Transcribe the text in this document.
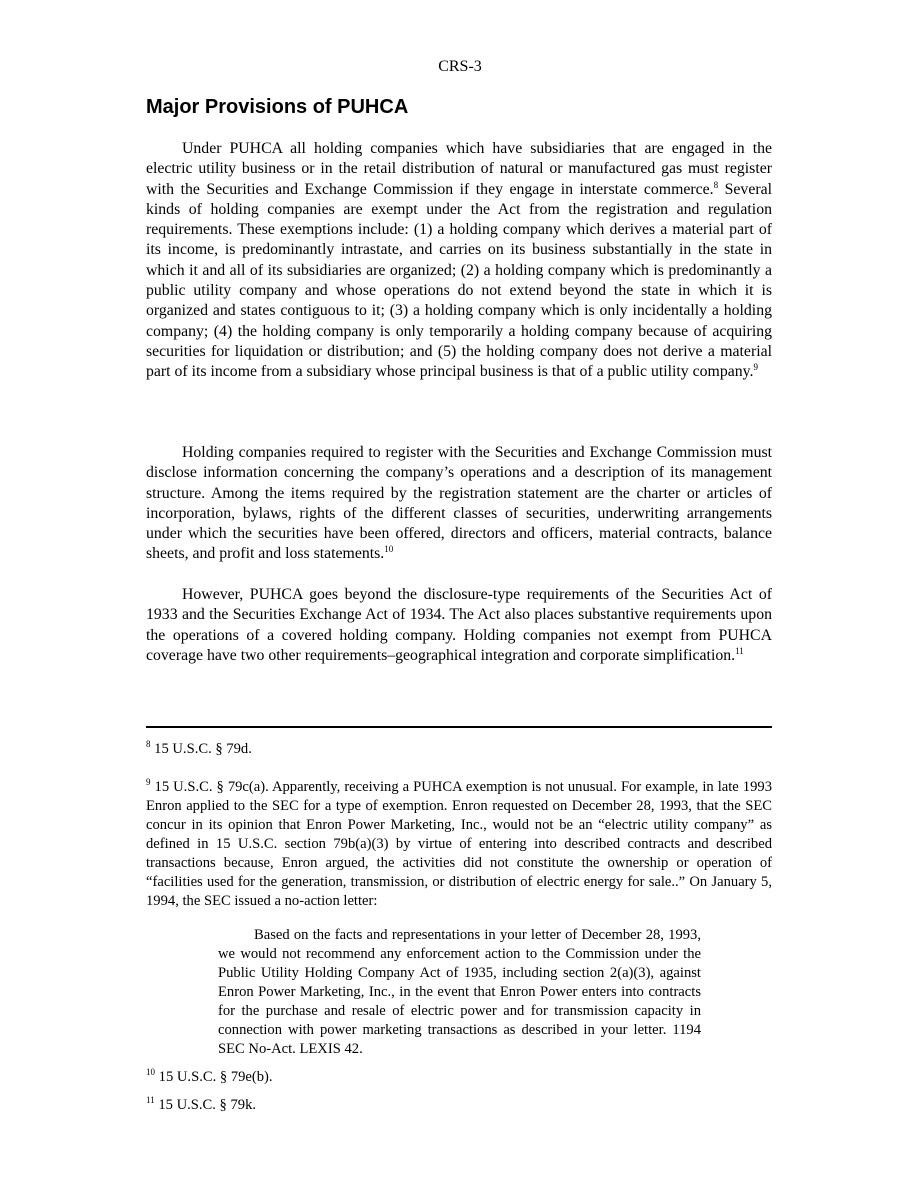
CRS-3
Major Provisions of PUHCA

Under PUHCA all holding companies which have subsidiaries that are engaged in the electric utility business or in the retail distribution of natural or manufactured gas must register with the Securities and Exchange Commission if they engage in interstate commerce.$^8$ Several kinds of holding companies are exempt under the Act from the registration and regulation requirements. These exemptions include: (1) a holding company which derives a material part of its income, is predominantly intrastate, and carries on its business substantially in the state in which it and all of its subsidiaries are organized; (2) a holding company which is predominantly a public utility company and whose operations do not extend beyond the state in which it is organized and states contiguous to it; (3) a holding company which is only incidentally a holding company; (4) the holding company is only temporarily a holding company because of acquiring securities for liquidation or distribution; and (5) the holding company does not derive a material part of its income from a subsidiary whose principal business is that of a public utility company.$^9$

Holding companies required to register with the Securities and Exchange Commission must disclose information concerning the company’s operations and a description of its management structure. Among the items required by the registration statement are the charter or articles of incorporation, bylaws, rights of the different classes of securities, underwriting arrangements under which the securities have been offered, directors and officers, material contracts, balance sheets, and profit and loss statements.$^{10}$

However, PUHCA goes beyond the disclosure-type requirements of the Securities Act of 1933 and the Securities Exchange Act of 1934. The Act also places substantive requirements upon the operations of a covered holding company. Holding companies not exempt from PUHCA coverage have two other requirements–geographical integration and corporate simplification.$^{11}$

$^8$ 15 U.S.C. § 79d.

$^9$ 15 U.S.C. § 79c(a). Apparently, receiving a PUHCA exemption is not unusual. For example, in late 1993 Enron applied to the SEC for a type of exemption. Enron requested on December 28, 1993, that the SEC concur in its opinion that Enron Power Marketing, Inc., would not be an “electric utility company” as defined in 15 U.S.C. section 79b(a)(3) by virtue of entering into described contracts and described transactions because, Enron argued, the activities did not constitute the ownership or operation of “facilities used for the generation, transmission, or distribution of electric energy for sale..” On January 5, 1994, the SEC issued a no-action letter:

Based on the facts and representations in your letter of December 28, 1993, we would not recommend any enforcement action to the Commission under the Public Utility Holding Company Act of 1935, including section 2(a)(3), against Enron Power Marketing, Inc., in the event that Enron Power enters into contracts for the purchase and resale of electric power and for transmission capacity in connection with power marketing transactions as described in your letter. 1194 SEC No-Act. LEXIS 42.

$^{10}$ 15 U.S.C. § 79e(b).

$^{11}$ 15 U.S.C. § 79k.
